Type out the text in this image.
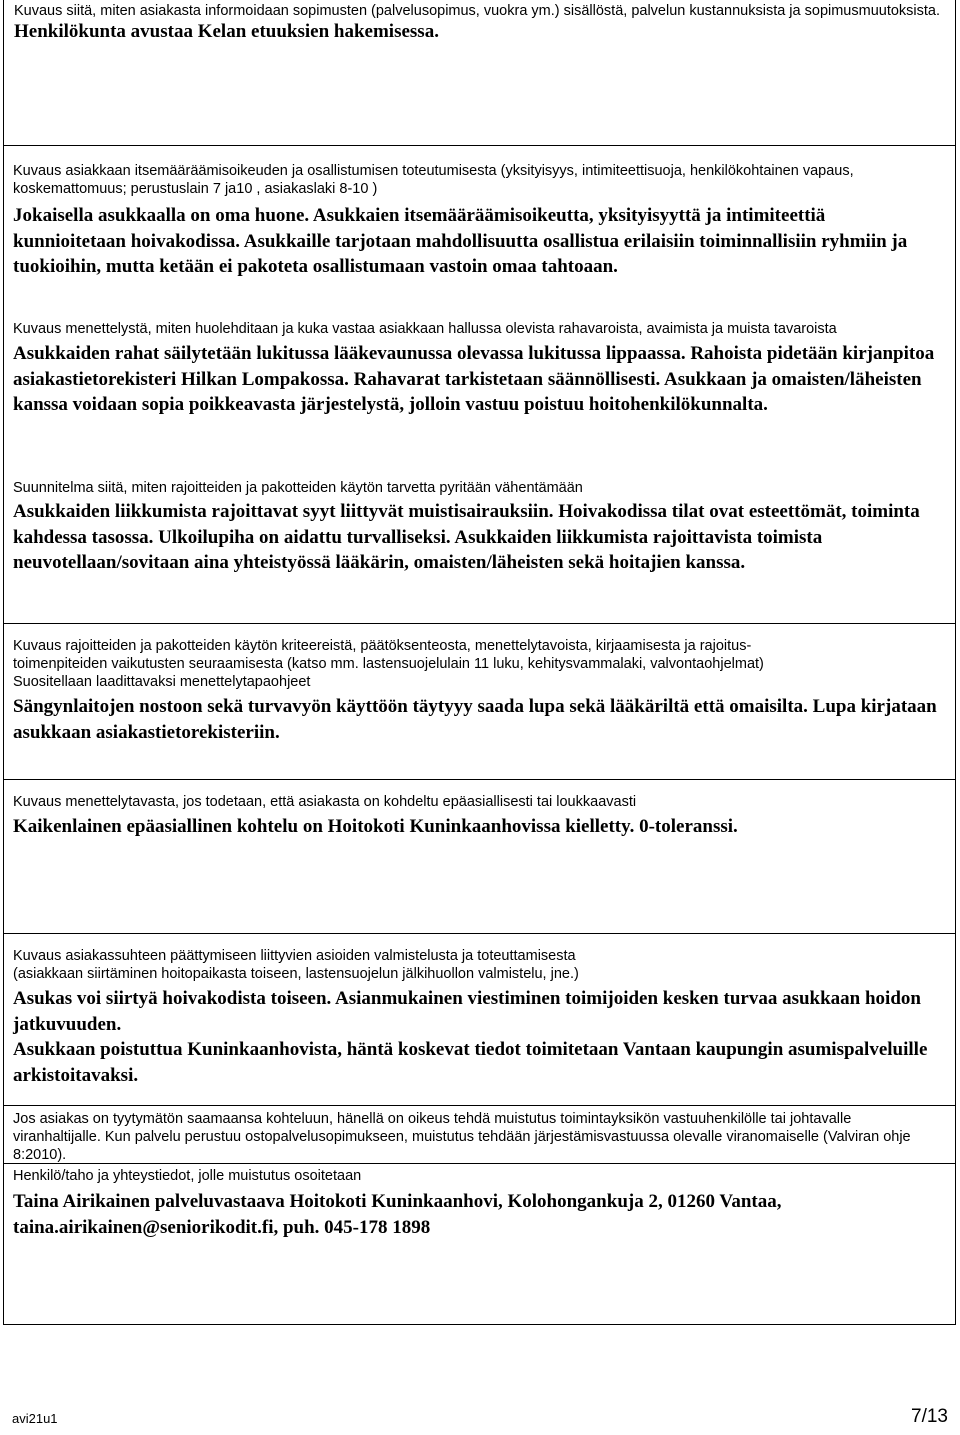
Kuvaus siitä, miten asiakasta informoidaan sopimusten (palvelusopimus, vuokra ym.) sisällöstä, palvelun kustannuksista ja sopimusmuutoksista.

Henkilökunta avustaa Kelan etuuksien hakemisessa.

Kuvaus asiakkaan itsemääräämisoikeuden ja osallistumisen toteutumisesta (yksityisyys, intimiteettisuoja, henkilökohtainen vapaus, koskemattomuus; perustuslain 7 ja10 , asiakaslaki 8-10 )

Jokaisella asukkaalla on oma huone. Asukkaien itsemääräämisoikeutta, yksityisyyttä ja intimiteettiä kunnioitetaan hoivakodissa. Asukkaille tarjotaan mahdollisuutta osallistua erilaisiin toiminnallisiin ryhmiin ja tuokioihin, mutta ketään ei pakoteta osallistumaan vastoin omaa tahtoaan.

Kuvaus menettelystä, miten huolehditaan ja kuka vastaa asiakkaan hallussa olevista rahavaroista, avaimista ja muista tavaroista

Asukkaiden rahat säilytetään lukitussa lääkevaunussa olevassa lukitussa lippaassa. Rahoista pidetään kirjanpitoa asiakastietorekisteri Hilkan Lompakossa. Rahavarat tarkistetaan säännöllisesti. Asukkaan ja omaisten/läheisten kanssa voidaan sopia poikkeavasta järjestelystä, jolloin vastuu poistuu hoitohenkilökunnalta.

Suunnitelma siitä, miten rajoitteiden ja pakotteiden käytön tarvetta pyritään vähentämään

Asukkaiden liikkumista rajoittavat syyt liittyvät muistisairauksiin. Hoivakodissa tilat ovat esteettömät, toiminta kahdessa tasossa. Ulkoilupiha on aidattu turvalliseksi. Asukkaiden liikkumista rajoittavista toimista neuvotellaan/sovitaan aina yhteistyössä lääkärin, omaisten/läheisten sekä hoitajien kanssa.

Kuvaus rajoitteiden ja pakotteiden käytön kriteereistä, päätöksenteosta, menettelytavoista, kirjaamisesta ja rajoitus-

toimenpiteiden vaikutusten seuraamisesta (katso mm. lastensuojelulain 11 luku, kehitysvammalaki, valvontaohjelmat)

Suositellaan laadittavaksi menettelytapaohjeet

Sängynlaitojen nostoon sekä turvavyön käyttöön täytyyy saada lupa sekä lääkäriltä että omaisilta. Lupa kirjataan asukkaan asiakastietorekisteriin.

Kuvaus menettelytavasta, jos todetaan, että asiakasta on kohdeltu epäasiallisesti tai loukkaavasti

Kaikenlainen epäasiallinen kohtelu on Hoitokoti Kuninkaanhovissa kielletty. 0-toleranssi.

Kuvaus asiakassuhteen päättymiseen liittyvien asioiden valmistelusta ja toteuttamisesta

(asiakkaan siirtäminen hoitopaikasta toiseen, lastensuojelun jälkihuollon valmistelu, jne.)

Asukas voi siirtyä hoivakodista toiseen. Asianmukainen viestiminen toimijoiden kesken turvaa asukkaan hoidon jatkuvuuden.

Asukkaan poistuttua Kuninkaanhovista, häntä koskevat tiedot toimitetaan Vantaan kaupungin asumispalveluille arkistoitavaksi.

Jos asiakas on tyytymätön saamaansa kohteluun, hänellä on oikeus tehdä muistutus toimintayksikön vastuuhenkilölle tai johtavalle viranhaltijalle. Kun palvelu perustuu ostopalvelusopimukseen, muistutus tehdään järjestämisvastuussa olevalle viranomaiselle (Valviran ohje 8:2010).

Henkilö/taho ja yhteystiedot, jolle muistutus osoitetaan

Taina Airikainen palveluvastaava Hoitokoti Kuninkaanhovi, Kolohongankuja 2, 01260 Vantaa, taina.airikainen@seniorikodit.fi, puh. 045-178 1898

avi21u1	7/13
